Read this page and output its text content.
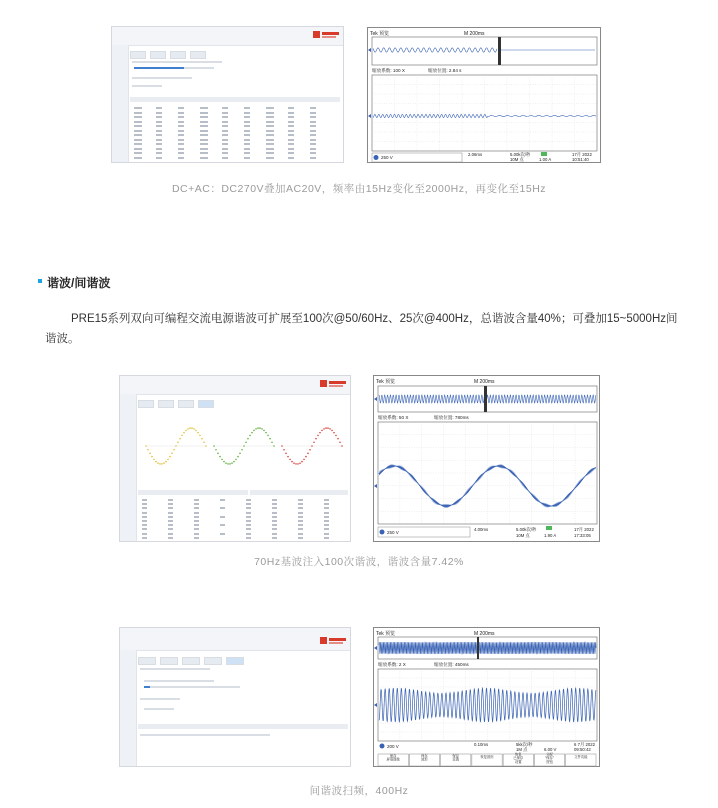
Tek 预览	M 200ms
缩放系数: 100 X	缩放位置: 2.84 s
250 V
2.06ms	5.00k次/秒
10M 点	1.00 A
17月 2022
10:51:40
DC+AC：DC270V叠加AC20V，频率由15Hz变化至2000Hz，再变化至15Hz
谐波/间谐波
PRE15系列双向可编程交流电源谐波可扩展至100次@50/60Hz、25次@400Hz，总谐波含量40%；可叠加15~5000Hz间谐波。
Tek 预览	M 200ms
缩放系数: 50 X	缩放位置: 780ms
250 V
4.00ms	5.00k次/秒
10M 点	1.90 A
17月 2022
17:33:05
70Hz基波注入100次谐波，谐波含量7.42%
Tek 预览	M 200ms
缩放系数: 2 X	缩放位置: 450ms
200 V	0.10ms	5kk次/秒
1M 点	6.00 V
6 7月 2022
09:50:42
保存
屏幕图像
保存
波形
保存
设置
恢复波形
恢复
已保存
设置
分配
"保存"
按钮
文件功能
间谐波扫频，400Hz
